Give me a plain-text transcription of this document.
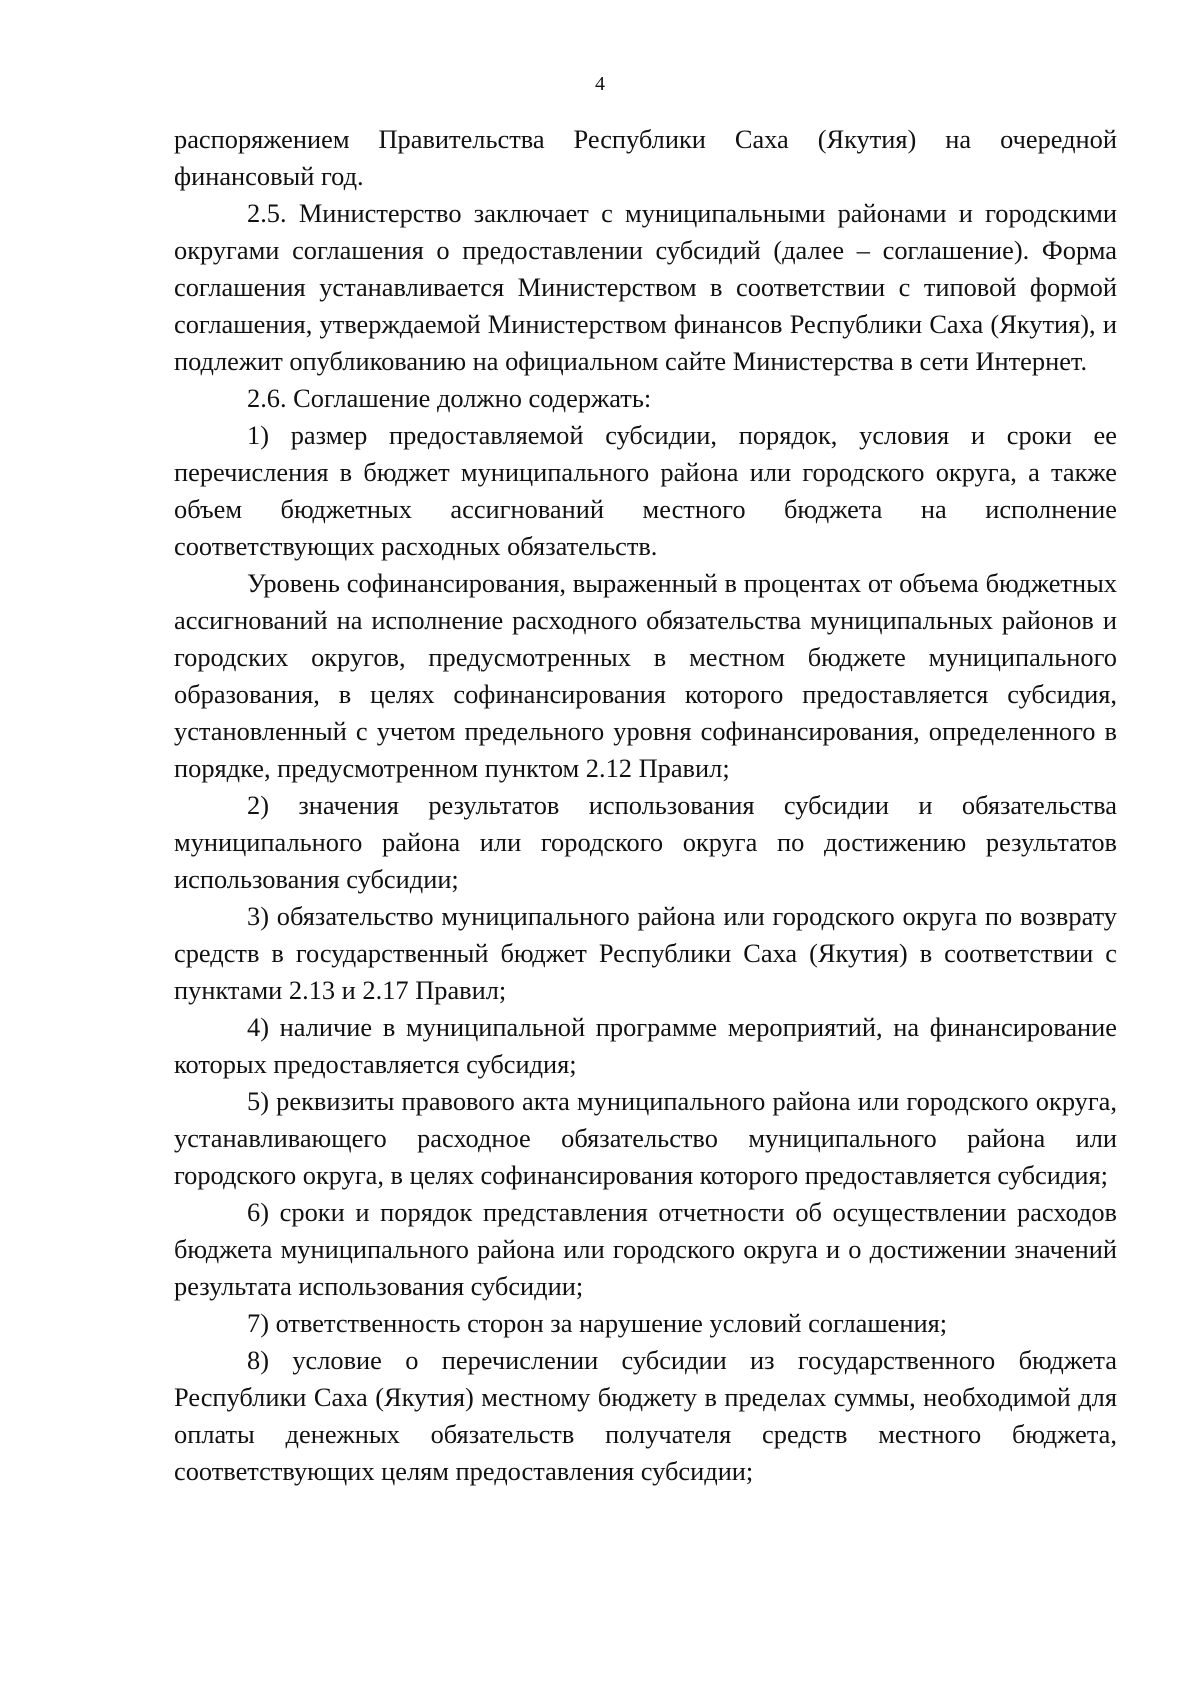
4

распоряжением Правительства Республики Саха (Якутия) на очередной финансовый год.

2.5. Министерство заключает с муниципальными районами и городскими округами соглашения о предоставлении субсидий (далее – соглашение). Форма соглашения устанавливается Министерством в соответствии с типовой формой соглашения, утверждаемой Министерством финансов Республики Саха (Якутия), и подлежит опубликованию на официальном сайте Министерства в сети Интернет.

2.6. Соглашение должно содержать:

1) размер предоставляемой субсидии, порядок, условия и сроки ее перечисления в бюджет муниципального района или городского округа, а также объем бюджетных ассигнований местного бюджета на исполнение соответствующих расходных обязательств.

Уровень софинансирования, выраженный в процентах от объема бюджетных ассигнований на исполнение расходного обязательства муниципальных районов и городских округов, предусмотренных в местном бюджете муниципального образования, в целях софинансирования которого предоставляется субсидия, установленный с учетом предельного уровня софинансирования, определенного в порядке, предусмотренном пунктом 2.12 Правил;

2) значения результатов использования субсидии и обязательства муниципального района или городского округа по достижению результатов использования субсидии;

3) обязательство муниципального района или городского округа по возврату средств в государственный бюджет Республики Саха (Якутия) в соответствии с пунктами 2.13 и 2.17 Правил;

4) наличие в муниципальной программе мероприятий, на финансирование которых предоставляется субсидия;

5) реквизиты правового акта муниципального района или городского округа, устанавливающего расходное обязательство муниципального района или городского округа, в целях софинансирования которого предоставляется субсидия;

6) сроки и порядок представления отчетности об осуществлении расходов бюджета муниципального района или городского округа и о достижении значений результата использования субсидии;

7) ответственность сторон за нарушение условий соглашения;

8) условие о перечислении субсидии из государственного бюджета Республики Саха (Якутия) местному бюджету в пределах суммы, необходимой для оплаты денежных обязательств получателя средств местного бюджета, соответствующих целям предоставления субсидии;
